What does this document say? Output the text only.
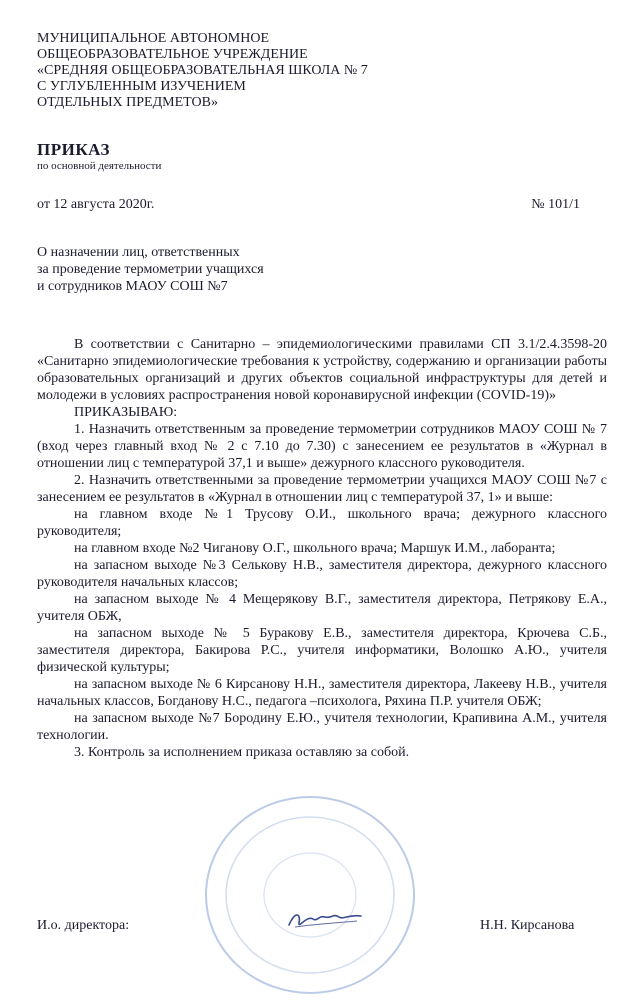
МУНИЦИПАЛЬНОЕ АВТОНОМНОЕ
ОБЩЕОБРАЗОВАТЕЛЬНОЕ УЧРЕЖДЕНИЕ
«СРЕДНЯЯ ОБЩЕОБРАЗОВАТЕЛЬНАЯ ШКОЛА № 7
С УГЛУБЛЕННЫМ ИЗУЧЕНИЕМ
ОТДЕЛЬНЫХ ПРЕДМЕТОВ»
ПРИКАЗ
по основной деятельности
от 12 августа 2020г.	№ 101/1
О назначении лиц, ответственных
за проведение термометрии учащихся
и сотрудников МАОУ СОШ №7

В соответствии с Санитарно – эпидемиологическими правилами СП 3.1/2.4.3598-20 «Санитарно эпидемиологические требования к устройству, содержанию и организации работы образовательных организаций и других объектов социальной инфраструктуры для детей и молодежи в условиях распространения новой коронавирусной инфекции (COVID-19)»

ПРИКАЗЫВАЮ:

1. Назначить ответственным за проведение термометрии сотрудников МАОУ СОШ № 7 (вход через главный вход № 2 с 7.10 до 7.30) с занесением ее результатов в «Журнал в отношении лиц с температурой 37,1 и выше» дежурного классного руководителя.

2. Назначить ответственными за проведение термометрии учащихся МАОУ СОШ №7 с занесением ее результатов в «Журнал в отношении лиц с температурой 37, 1» и выше:

на главном входе №1 Трусову О.И., школьного врача; дежурного классного руководителя;

на главном входе №2 Чиганову О.Г., школьного врача; Маршук И.М., лаборанта;

на запасном выходе №3 Селькову Н.В., заместителя директора, дежурного классного руководителя начальных классов;

на запасном выходе № 4 Мещерякову В.Г., заместителя директора, Петрякову Е.А., учителя ОБЖ,

на запасном выходе № 5 Буракову Е.В., заместителя директора, Крючева С.Б., заместителя директора, Бакирова Р.С., учителя информатики, Волошко А.Ю., учителя физической культуры;

на запасном выходе № 6 Кирсанову Н.Н., заместителя директора, Лакееву Н.В., учителя начальных классов, Богданову Н.С., педагога –психолога, Ряхина П.Р. учителя ОБЖ;

на запасном выходе №7 Бородину Е.Ю., учителя технологии, Крапивина А.М., учителя технологии.

3. Контроль за исполнением приказа оставляю за собой.

И.о. директора:	Н.Н. Кирсанова
